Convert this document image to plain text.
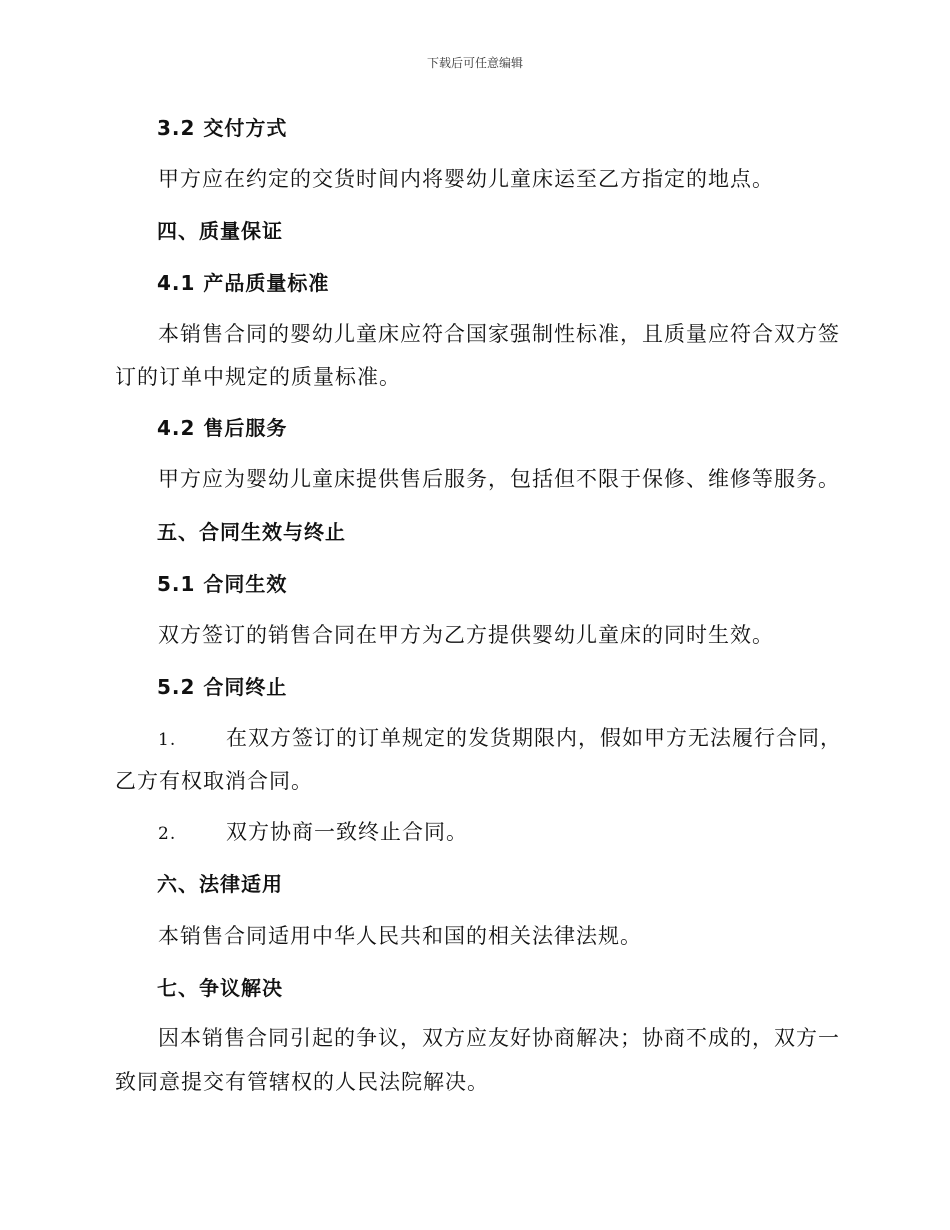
下载后可任意编辑
3.2 交付方式
甲方应在约定的交货时间内将婴幼儿童床运至乙方指定的地点。
四、质量保证
4.1 产品质量标准
本销售合同的婴幼儿童床应符合国家强制性标准，且质量应符合双方签
订的订单中规定的质量标准。
4.2 售后服务
甲方应为婴幼儿童床提供售后服务，包括但不限于保修、维修等服务。
五、合同生效与终止
5.1 合同生效
双方签订的销售合同在甲方为乙方提供婴幼儿童床的同时生效。
5.2 合同终止
1. 在双方签订的订单规定的发货期限内，假如甲方无法履行合同，
乙方有权取消合同。
2. 双方协商一致终止合同。
六、法律适用
本销售合同适用中华人民共和国的相关法律法规。
七、争议解决
因本销售合同引起的争议，双方应友好协商解决；协商不成的，双方一
致同意提交有管辖权的人民法院解决。
